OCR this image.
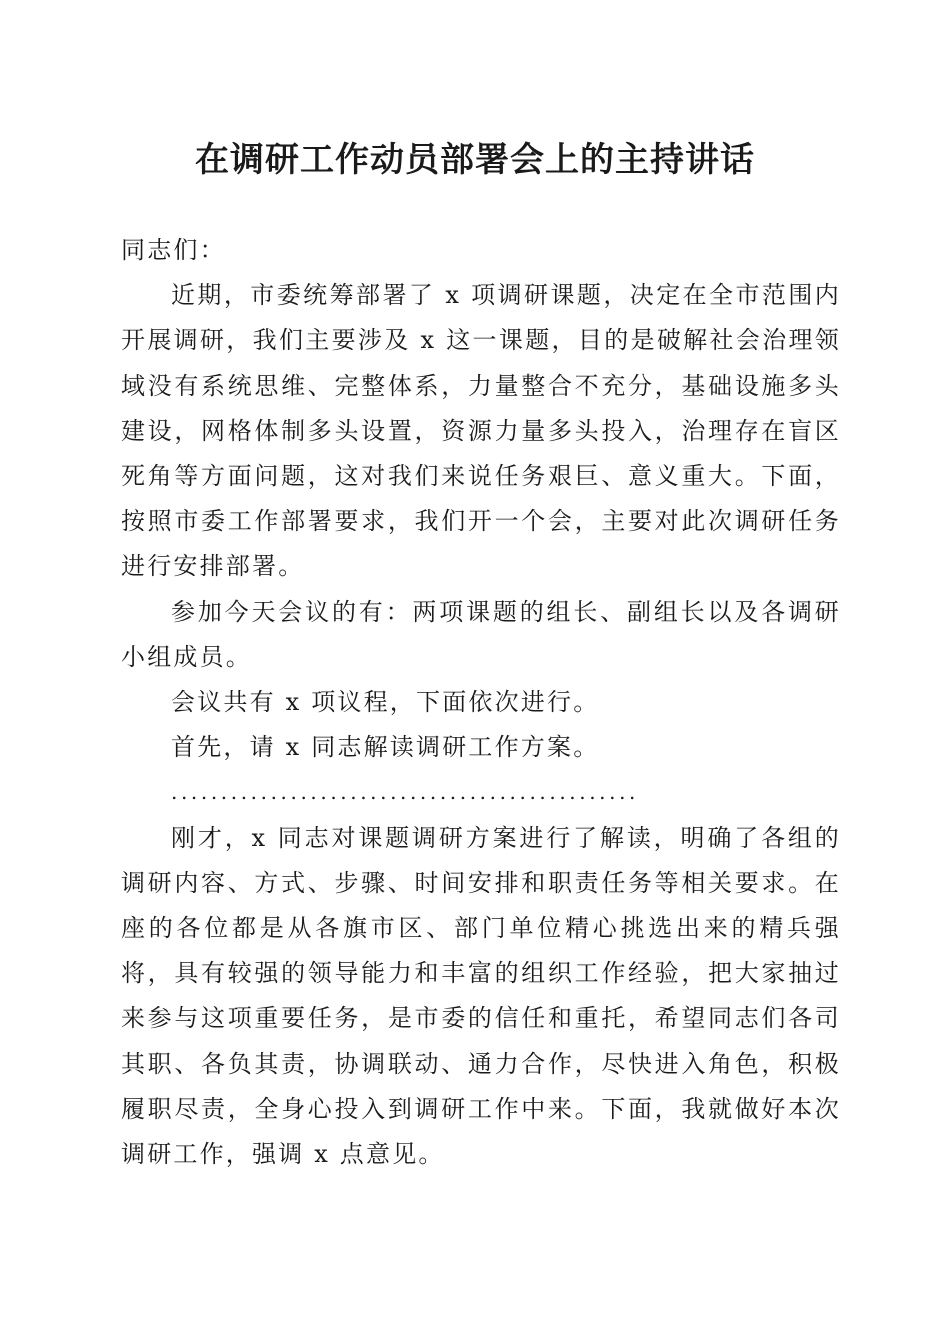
在调研工作动员部署会上的主持讲话

同志们：

近期，市委统筹部署了 x 项调研课题，决定在全市范围内开展调研，我们主要涉及 x 这一课题，目的是破解社会治理领域没有系统思维、完整体系，力量整合不充分，基础设施多头建设，网格体制多头设置，资源力量多头投入，治理存在盲区死角等方面问题，这对我们来说任务艰巨、意义重大。下面，按照市委工作部署要求，我们开一个会，主要对此次调研任务进行安排部署。

参加今天会议的有：两项课题的组长、副组长以及各调研小组成员。

会议共有 x 项议程，下面依次进行。

首先，请 x 同志解读调研工作方案。

...............................................

刚才，x 同志对课题调研方案进行了解读，明确了各组的调研内容、方式、步骤、时间安排和职责任务等相关要求。在座的各位都是从各旗市区、部门单位精心挑选出来的精兵强将，具有较强的领导能力和丰富的组织工作经验，把大家抽过来参与这项重要任务，是市委的信任和重托，希望同志们各司其职、各负其责，协调联动、通力合作，尽快进入角色，积极履职尽责，全身心投入到调研工作中来。下面，我就做好本次调研工作，强调 x 点意见。
